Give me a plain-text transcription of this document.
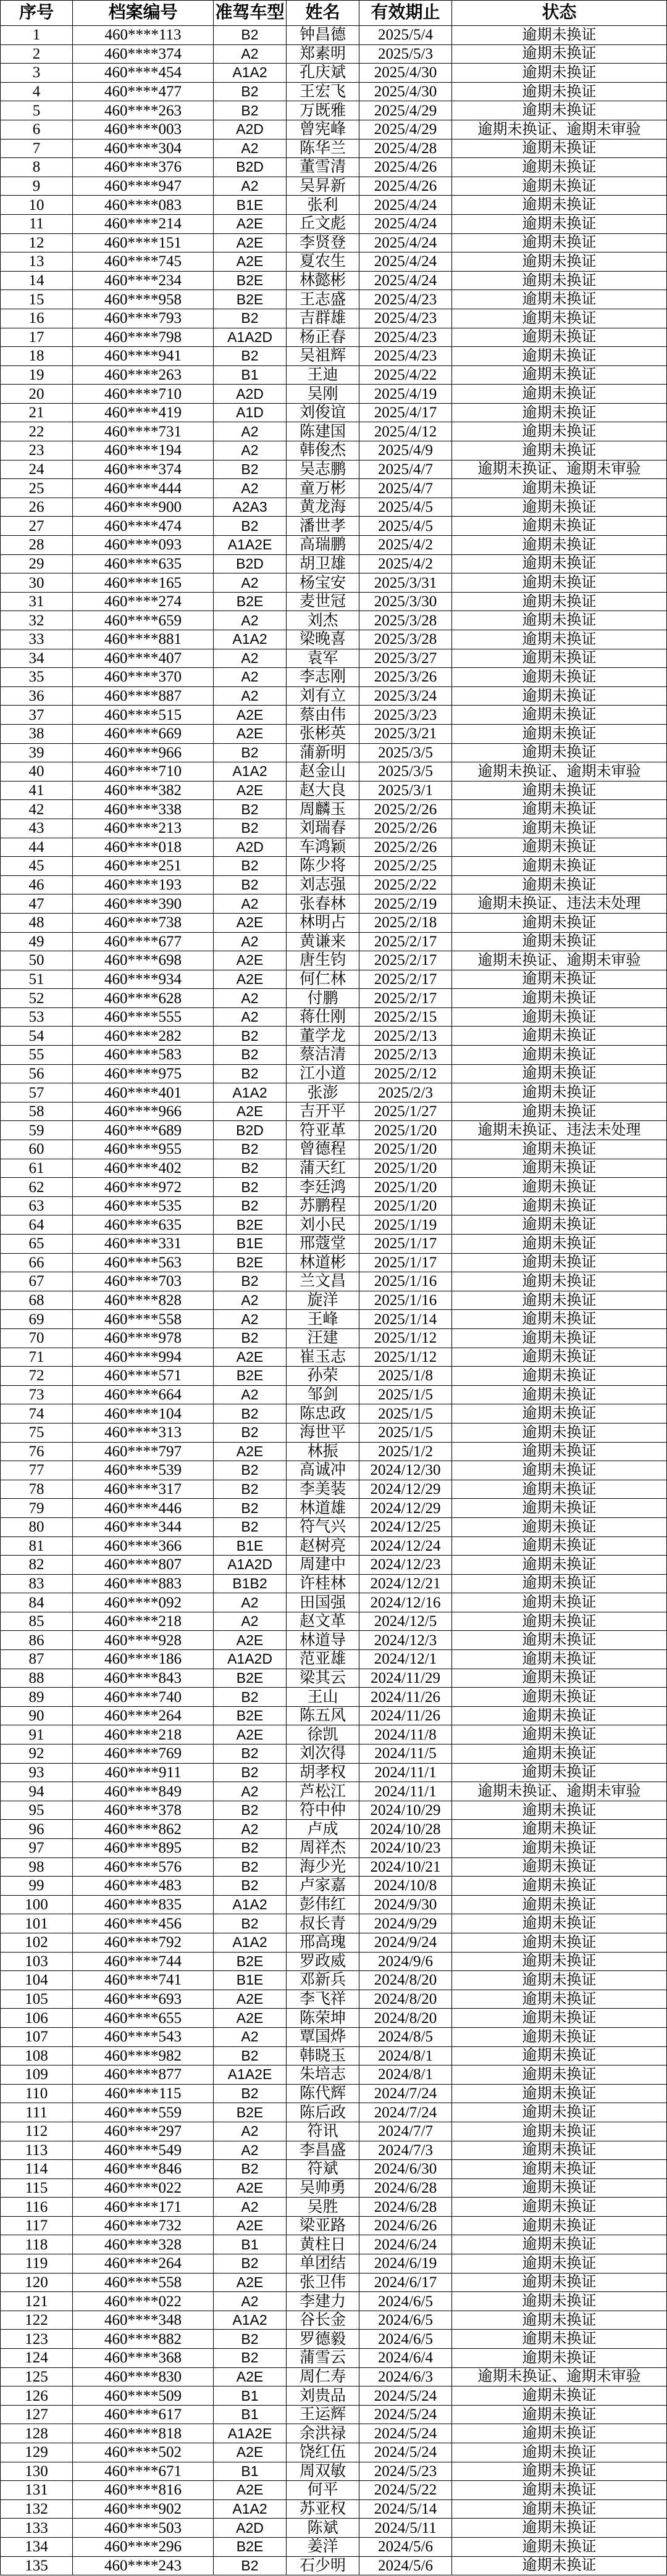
序号	档案编号	准驾车型	姓名	有效期止	状态
1	460****113	B2	钟昌德	2025/5/4	逾期未换证
2	460****374	A2	郑素明	2025/5/3	逾期未换证
3	460****454	A1A2	孔庆斌	2025/4/30	逾期未换证
4	460****477	B2	王宏飞	2025/4/30	逾期未换证
5	460****263	B2	万既雅	2025/4/29	逾期未换证
6	460****003	A2D	曾宪峰	2025/4/29	逾期未换证、逾期未审验
7	460****304	A2	陈华兰	2025/4/28	逾期未换证
8	460****376	B2D	董雪清	2025/4/26	逾期未换证
9	460****947	A2	吴昇新	2025/4/26	逾期未换证
10	460****083	B1E	张利	2025/4/24	逾期未换证
11	460****214	A2E	丘文彪	2025/4/24	逾期未换证
12	460****151	A2E	李贤登	2025/4/24	逾期未换证
13	460****745	A2E	夏农生	2025/4/24	逾期未换证
14	460****234	B2E	林懿彬	2025/4/24	逾期未换证
15	460****958	B2E	王志盛	2025/4/23	逾期未换证
16	460****793	B2	吉群雄	2025/4/23	逾期未换证
17	460****798	A1A2D	杨正春	2025/4/23	逾期未换证
18	460****941	B2	吴祖辉	2025/4/23	逾期未换证
19	460****263	B1	王迪	2025/4/22	逾期未换证
20	460****710	A2D	吴刚	2025/4/19	逾期未换证
21	460****419	A1D	刘俊谊	2025/4/17	逾期未换证
22	460****731	A2	陈建国	2025/4/12	逾期未换证
23	460****194	A2	韩俊杰	2025/4/9	逾期未换证
24	460****374	B2	吴志鹏	2025/4/7	逾期未换证、逾期未审验
25	460****444	A2	童万彬	2025/4/7	逾期未换证
26	460****900	A2A3	黄龙海	2025/4/5	逾期未换证
27	460****474	B2	潘世孝	2025/4/5	逾期未换证
28	460****093	A1A2E	高瑞鹏	2025/4/2	逾期未换证
29	460****635	B2D	胡卫雄	2025/4/2	逾期未换证
30	460****165	A2	杨宝安	2025/3/31	逾期未换证
31	460****274	B2E	麦世冠	2025/3/30	逾期未换证
32	460****659	A2	刘杰	2025/3/28	逾期未换证
33	460****881	A1A2	梁晚喜	2025/3/28	逾期未换证
34	460****407	A2	袁军	2025/3/27	逾期未换证
35	460****370	A2	李志刚	2025/3/26	逾期未换证
36	460****887	A2	刘有立	2025/3/24	逾期未换证
37	460****515	A2E	蔡由伟	2025/3/23	逾期未换证
38	460****669	A2E	张彬英	2025/3/21	逾期未换证
39	460****966	B2	蒲新明	2025/3/5	逾期未换证
40	460****710	A1A2	赵金山	2025/3/5	逾期未换证、逾期未审验
41	460****382	A2E	赵大良	2025/3/1	逾期未换证
42	460****338	B2	周麟玉	2025/2/26	逾期未换证
43	460****213	B2	刘瑞春	2025/2/26	逾期未换证
44	460****018	A2D	车鸿颖	2025/2/26	逾期未换证
45	460****251	B2	陈少将	2025/2/25	逾期未换证
46	460****193	B2	刘志强	2025/2/22	逾期未换证
47	460****390	A2	张春林	2025/2/19	逾期未换证、违法未处理
48	460****738	A2E	林明占	2025/2/18	逾期未换证
49	460****677	A2	黄谦来	2025/2/17	逾期未换证
50	460****698	A2E	唐生钧	2025/2/17	逾期未换证、逾期未审验
51	460****934	A2E	何仁林	2025/2/17	逾期未换证
52	460****628	A2	付鹏	2025/2/17	逾期未换证
53	460****555	A2	蒋仕刚	2025/2/15	逾期未换证
54	460****282	B2	董学龙	2025/2/13	逾期未换证
55	460****583	B2	蔡洁清	2025/2/13	逾期未换证
56	460****975	B2	江小道	2025/2/12	逾期未换证
57	460****401	A1A2	张澎	2025/2/3	逾期未换证
58	460****966	A2E	吉开平	2025/1/27	逾期未换证
59	460****689	B2D	符亚革	2025/1/20	逾期未换证、违法未处理
60	460****955	B2	曾德程	2025/1/20	逾期未换证
61	460****402	B2	蒲天红	2025/1/20	逾期未换证
62	460****972	B2	李廷鸿	2025/1/20	逾期未换证
63	460****535	B2	苏鹏程	2025/1/20	逾期未换证
64	460****635	B2E	刘小民	2025/1/19	逾期未换证
65	460****331	B1E	邢蔻堂	2025/1/17	逾期未换证
66	460****563	B2E	林道彬	2025/1/17	逾期未换证
67	460****703	B2	兰文昌	2025/1/16	逾期未换证
68	460****828	A2	旋洋	2025/1/16	逾期未换证
69	460****558	A2	王峰	2025/1/14	逾期未换证
70	460****978	B2	汪建	2025/1/12	逾期未换证
71	460****994	A2E	崔玉志	2025/1/12	逾期未换证
72	460****571	B2E	孙荣	2025/1/8	逾期未换证
73	460****664	A2	邹剑	2025/1/5	逾期未换证
74	460****104	B2	陈忠政	2025/1/5	逾期未换证
75	460****313	B2	海世平	2025/1/5	逾期未换证
76	460****797	A2E	林振	2025/1/2	逾期未换证
77	460****539	B2	高诚冲	2024/12/30	逾期未换证
78	460****317	B2	李美装	2024/12/29	逾期未换证
79	460****446	B2	林道雄	2024/12/29	逾期未换证
80	460****344	B2	符气兴	2024/12/25	逾期未换证
81	460****366	B1E	赵树亮	2024/12/24	逾期未换证
82	460****807	A1A2D	周建中	2024/12/23	逾期未换证
83	460****883	B1B2	许桂林	2024/12/21	逾期未换证
84	460****092	A2	田国强	2024/12/16	逾期未换证
85	460****218	A2	赵文革	2024/12/5	逾期未换证
86	460****928	A2E	林道导	2024/12/3	逾期未换证
87	460****186	A1A2D	范亚雄	2024/12/1	逾期未换证
88	460****843	B2E	梁其云	2024/11/29	逾期未换证
89	460****740	B2	王山	2024/11/26	逾期未换证
90	460****264	B2E	陈五风	2024/11/26	逾期未换证
91	460****218	A2E	徐凯	2024/11/8	逾期未换证
92	460****769	B2	刘次得	2024/11/5	逾期未换证
93	460****911	B2	胡孝权	2024/11/1	逾期未换证
94	460****849	A2	芦松江	2024/11/1	逾期未换证、逾期未审验
95	460****378	B2	符中仲	2024/10/29	逾期未换证
96	460****862	A2	卢成	2024/10/28	逾期未换证
97	460****895	B2	周祥杰	2024/10/23	逾期未换证
98	460****576	B2	海少光	2024/10/21	逾期未换证
99	460****483	B2	卢家嘉	2024/10/8	逾期未换证
100	460****835	A1A2	彭伟红	2024/9/30	逾期未换证
101	460****456	B2	叔长青	2024/9/29	逾期未换证
102	460****792	A1A2	邢高瑰	2024/9/24	逾期未换证
103	460****744	B2E	罗政威	2024/9/6	逾期未换证
104	460****741	B1E	邓新兵	2024/8/20	逾期未换证
105	460****693	A2E	李飞祥	2024/8/20	逾期未换证
106	460****655	A2E	陈荣坤	2024/8/20	逾期未换证
107	460****543	A2	覃国烨	2024/8/5	逾期未换证
108	460****982	B2	韩晓玉	2024/8/1	逾期未换证
109	460****877	A1A2E	朱培志	2024/8/1	逾期未换证
110	460****115	B2	陈代辉	2024/7/24	逾期未换证
111	460****559	B2E	陈后政	2024/7/24	逾期未换证
112	460****297	A2	符讯	2024/7/7	逾期未换证
113	460****549	A2	李昌盛	2024/7/3	逾期未换证
114	460****846	B2	符斌	2024/6/30	逾期未换证
115	460****022	A2E	吴帅勇	2024/6/28	逾期未换证
116	460****171	A2	吴胜	2024/6/28	逾期未换证
117	460****732	A2E	梁亚路	2024/6/26	逾期未换证
118	460****328	B1	黄柱日	2024/6/24	逾期未换证
119	460****264	B2	单团结	2024/6/19	逾期未换证
120	460****558	A2E	张卫伟	2024/6/17	逾期未换证
121	460****022	A2	李建力	2024/6/5	逾期未换证
122	460****348	A1A2	谷长金	2024/6/5	逾期未换证
123	460****882	B2	罗德毅	2024/6/5	逾期未换证
124	460****368	B2	蒲雪云	2024/6/4	逾期未换证
125	460****830	A2E	周仁寿	2024/6/3	逾期未换证、逾期未审验
126	460****509	B1	刘贵品	2024/5/24	逾期未换证
127	460****617	B1	王运辉	2024/5/24	逾期未换证
128	460****818	A1A2E	余洪禄	2024/5/24	逾期未换证
129	460****502	A2E	饶红伍	2024/5/24	逾期未换证
130	460****671	B1	周双敏	2024/5/23	逾期未换证
131	460****816	A2E	何平	2024/5/22	逾期未换证
132	460****902	A1A2	苏亚权	2024/5/14	逾期未换证
133	460****503	A2D	陈斌	2024/5/11	逾期未换证
134	460****296	B2E	姜洋	2024/5/6	逾期未换证
135	460****243	B2	石少明	2024/5/6	逾期未换证
